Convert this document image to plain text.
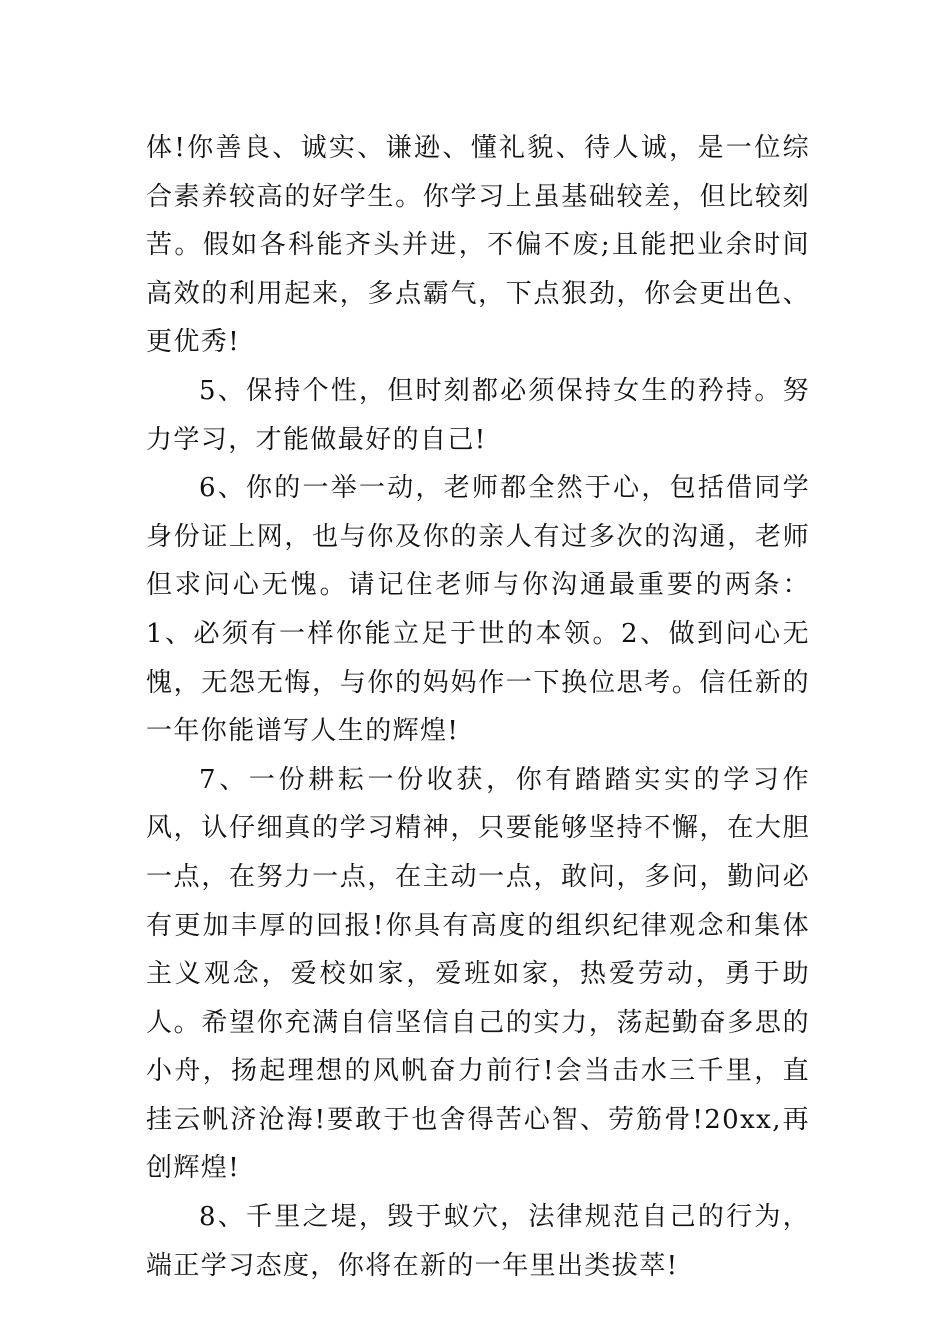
体!你善良、诚实、谦逊、懂礼貌、待人诚，是一位综合素养较高的好学生。你学习上虽基础较差，但比较刻苦。假如各科能齐头并进，不偏不废;且能把业余时间高效的利用起来，多点霸气，下点狠劲，你会更出色、更优秀!

5、保持个性，但时刻都必须保持女生的矜持。努力学习，才能做最好的自己!

6、你的一举一动，老师都全然于心，包括借同学身份证上网，也与你及你的亲人有过多次的沟通，老师但求问心无愧。请记住老师与你沟通最重要的两条：1、必须有一样你能立足于世的本领。2、做到问心无愧，无怨无悔，与你的妈妈作一下换位思考。信任新的一年你能谱写人生的辉煌!

7、一份耕耘一份收获，你有踏踏实实的学习作风，认仔细真的学习精神，只要能够坚持不懈，在大胆一点，在努力一点，在主动一点，敢问，多问，勤问必有更加丰厚的回报!你具有高度的组织纪律观念和集体主义观念，爱校如家，爱班如家，热爱劳动，勇于助人。希望你充满自信坚信自己的实力，荡起勤奋多思的小舟，扬起理想的风帆奋力前行!会当击水三千里，直挂云帆济沧海!要敢于也舍得苦心智、劳筋骨!20xx,再创辉煌!

8、千里之堤，毁于蚁穴，法律规范自己的行为，端正学习态度，你将在新的一年里出类拔萃!
